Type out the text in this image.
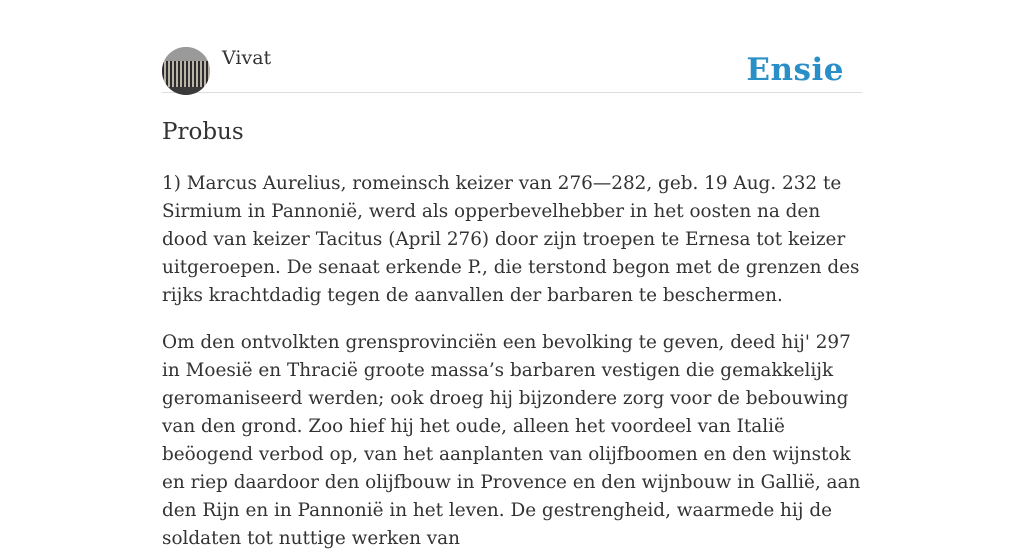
Vivat	Ensie
Probus

1) Marcus Aurelius, romeinsch keizer van 276—282, geb. 19 Aug. 232 te Sirmium in Pannonië, werd als opperbevelhebber in het oosten na den dood van keizer Tacitus (April 276) door zijn troepen te Ernesa tot keizer uitgeroepen. De senaat erkende P., die terstond begon met de grenzen des rijks krachtdadig tegen de aanvallen der barbaren te beschermen.

Om den ontvolkten grensprovinciën een bevolking te geven, deed hij' 297 in Moesië en Thracië groote massa’s barbaren vestigen die gemakkelijk geromaniseerd werden; ook droeg hij bijzondere zorg voor de bebouwing van den grond. Zoo hief hij het oude, alleen het voordeel van Italië beöogend verbod op, van het aanplanten van olijfboomen en den wijnstok en riep daardoor den olijfbouw in Provence en den wijnbouw in Gallië, aan den Rijn en in Pannonië in het leven. De gestrengheid, waarmede hij de soldaten tot nuttige werken van
